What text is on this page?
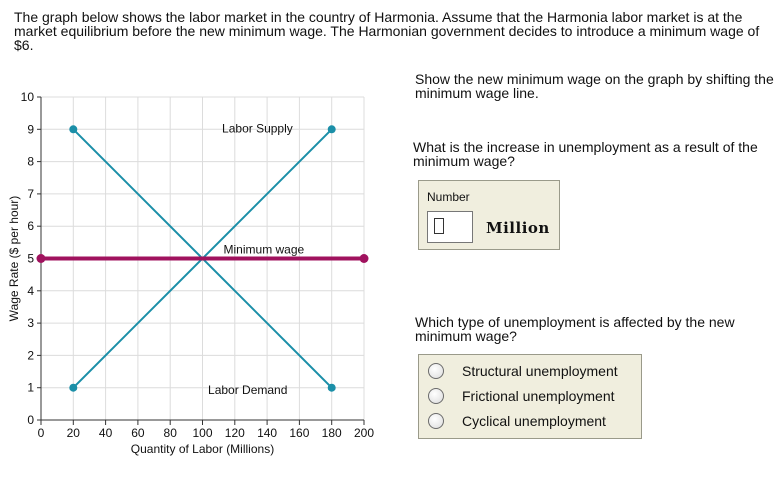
The graph below shows the labor market in the country of Harmonia. Assume that the Harmonia labor market is at the market equilibrium before the new minimum wage. The Harmonian government decides to introduce a minimum wage of $6.

0 20 40 60 80 100 120 140 160 180 200
0
1
2
3
4
5
6
7
8
9
10
Quantity of Labor (Millions)
Wage Rate ($ per hour)
Labor Supply
Labor Demand
Minimum wage
Show the new minimum wage on the graph by shifting the minimum wage line.
What is the increase in unemployment as a result of the minimum wage?
Number
Million
Which type of unemployment is affected by the new minimum wage?
Structural unemployment
Frictional unemployment
Cyclical unemployment
